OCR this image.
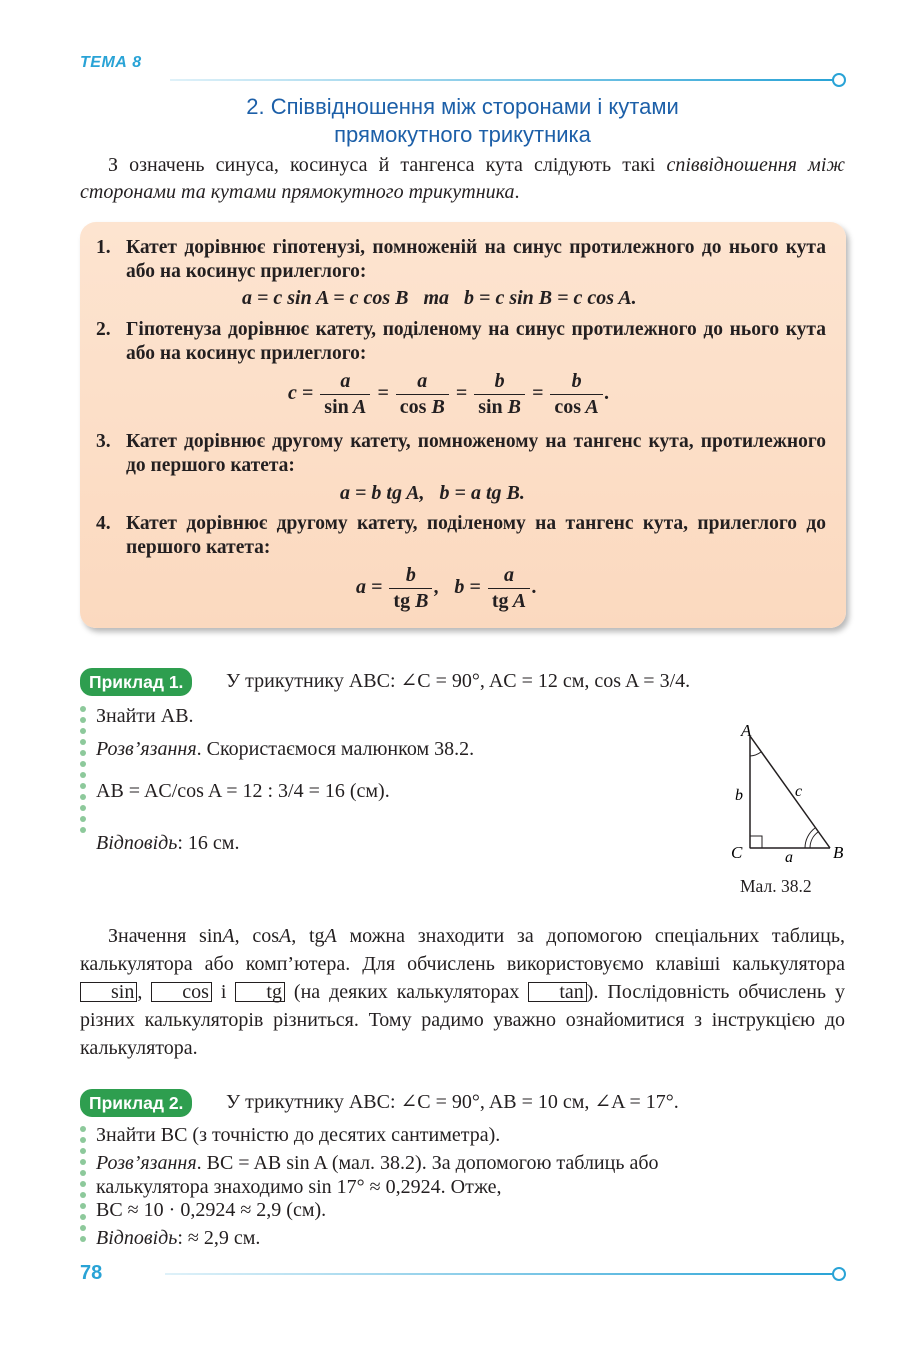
ТЕМА 8
2. Співвідношення між сторонами і кутами
прямокутного трикутника
З означень синуса, косинуса й тангенса кута слідують такі співвідношення між сторонами та кутами прямокутного трикутника.
1. Катет дорівнює гіпотенузі, помноженій на синус протилежного до нього кута або на косинус прилеглого:
a = c sin A = c cos B   та   b = c sin B = c cos A.
2. Гіпотенуза дорівнює катету, поділеному на синус протилежного до нього кута або на косинус прилеглого:
$c = \frac{a}{\text{sin A}} = \frac{a}{\text{cos B}} = \frac{b}{\text{sin B}} = \frac{b}{\text{cos A}}$ .
3. Катет дорівнює другому катету, помноженому на тангенс кута, протилежного до першого катета:
a = b tg A,   b = a tg B.
4. Катет дорівнює другому катету, поділеному на тангенс кута, прилеглого до першого катета:
$a = \frac{b}{\text{tg B}}$ ,   $b = \frac{a}{\text{tg A}}$ .
Приклад 1.	У трикутнику ABC: ∠C = 90°, AC = 12 см, cos A = 3/4.
Знайти AB.
Розв’язання. Скористаємося малюнком 38.2.
AB = AC/cos A = 12 : 3/4 = 16 (см).
Відповідь: 16 см.
A
B
C	a
b	c
Мал. 38.2
Значення sinA, cosA, tgA можна знаходити за допомогою спеціальних таблиць, калькулятора або комп’ютера. Для обчислень використовуємо клавіші калькулятора sin , cos і tg (на деяких калькуляторах tan ). Послідовність обчислень у різних калькуляторів різниться. Тому радимо уважно ознайомитися з інструкцією до калькулятора.
Приклад 2.	У трикутнику ABC: ∠C = 90°, AB = 10 см, ∠A = 17°.
Знайти BC (з точністю до десятих сантиметра).
Розв’язання. BC = AB sin A (мал. 38.2). За допомогою таблиць або
калькулятора знаходимо sin 17° ≈ 0,2924. Отже,
BC ≈ 10 · 0,2924 ≈ 2,9 (см).
Відповідь: ≈ 2,9 см.
78
